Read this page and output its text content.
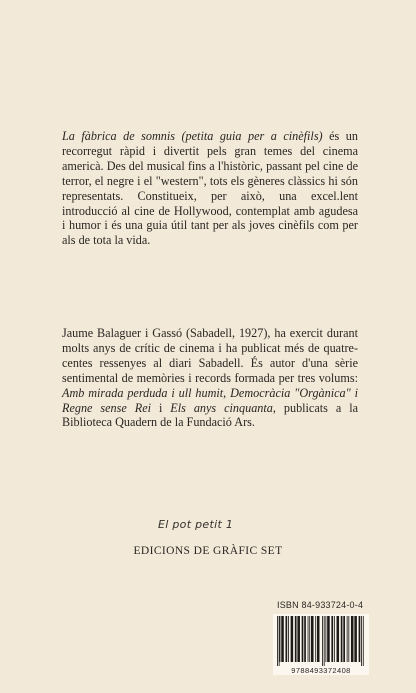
La fàbrica de somnis (petita guia per a cinèfils) és un recorregut ràpid i divertit pels gran temes del cinema americà. Des del musical fins a l'històric, passant pel cine de terror, el negre i el "western", tots els gèneres clàssics hi són representats. Constitueix, per això, una excel.lent introducció al cine de Hollywood, contemplat amb agudesa i humor i és una guia útil tant per als joves cinèfils com per als de tota la vida.

Jaume Balaguer i Gassó (Sabadell, 1927), ha exercit durant molts anys de crític de cinema i ha publicat més de quatre-centes ressenyes al diari Sabadell. És autor d'una sèrie sentimental de memòries i records formada per tres volums: Amb mirada perduda i ull humit, Democràcia "Orgànica" i Regne sense Rei i Els anys cinquanta, publicats a la Biblioteca Quadern de la Fundació Ars.

El pot petit 1
EDICIONS DE GRÀFIC SET
ISBN 84-933724-0-4
9788493372408
